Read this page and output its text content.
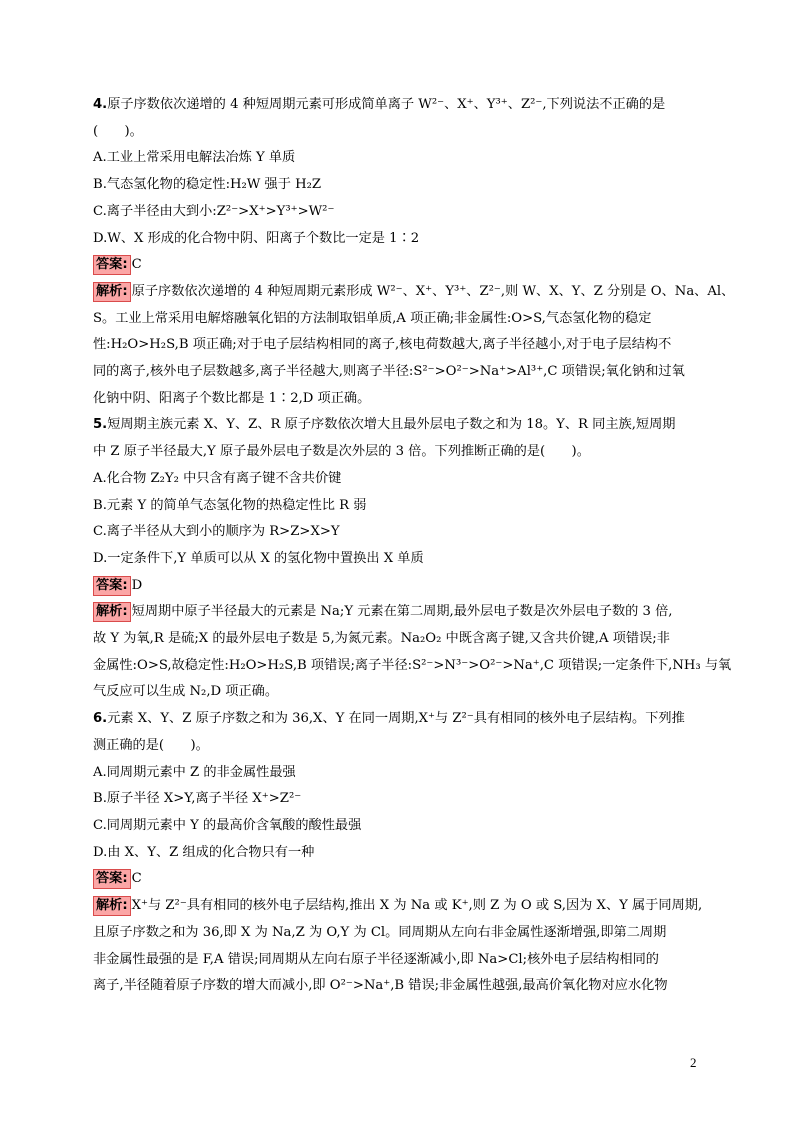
4.原子序数依次递增的 4 种短周期元素可形成简单离子 W²⁻、X⁺、Y³⁺、Z²⁻,下列说法不正确的是
(　　)。
A.工业上常采用电解法冶炼 Y 单质
B.气态氢化物的稳定性:H₂W 强于 H₂Z
C.离子半径由大到小:Z²⁻>X⁺>Y³⁺>W²⁻
D.W、X 形成的化合物中阴、阳离子个数比一定是 1∶2
答案: C
解析: 原子序数依次递增的 4 种短周期元素形成 W²⁻、X⁺、Y³⁺、Z²⁻,则 W、X、Y、Z 分别是 O、Na、Al、
S。工业上常采用电解熔融氧化铝的方法制取铝单质,A 项正确;非金属性:O>S,气态氢化物的稳定
性:H₂O>H₂S,B 项正确;对于电子层结构相同的离子,核电荷数越大,离子半径越小,对于电子层结构不
同的离子,核外电子层数越多,离子半径越大,则离子半径:S²⁻>O²⁻>Na⁺>Al³⁺,C 项错误;氧化钠和过氧
化钠中阴、阳离子个数比都是 1∶2,D 项正确。
5.短周期主族元素 X、Y、Z、R 原子序数依次增大且最外层电子数之和为 18。Y、R 同主族,短周期
中 Z 原子半径最大,Y 原子最外层电子数是次外层的 3 倍。下列推断正确的是(　　)。
A.化合物 Z₂Y₂ 中只含有离子键不含共价键
B.元素 Y 的简单气态氢化物的热稳定性比 R 弱
C.离子半径从大到小的顺序为 R>Z>X>Y
D.一定条件下,Y 单质可以从 X 的氢化物中置换出 X 单质
答案: D
解析: 短周期中原子半径最大的元素是 Na;Y 元素在第二周期,最外层电子数是次外层电子数的 3 倍,
故 Y 为氧,R 是硫;X 的最外层电子数是 5,为氮元素。Na₂O₂ 中既含离子键,又含共价键,A 项错误;非
金属性:O>S,故稳定性:H₂O>H₂S,B 项错误;离子半径:S²⁻>N³⁻>O²⁻>Na⁺,C 项错误;一定条件下,NH₃ 与氧
气反应可以生成 N₂,D 项正确。
6.元素 X、Y、Z 原子序数之和为 36,X、Y 在同一周期,X⁺与 Z²⁻具有相同的核外电子层结构。下列推
测正确的是(　　)。
A.同周期元素中 Z 的非金属性最强
B.原子半径 X>Y,离子半径 X⁺>Z²⁻
C.同周期元素中 Y 的最高价含氧酸的酸性最强
D.由 X、Y、Z 组成的化合物只有一种
答案: C
解析: X⁺与 Z²⁻具有相同的核外电子层结构,推出 X 为 Na 或 K⁺,则 Z 为 O 或 S,因为 X、Y 属于同周期,
且原子序数之和为 36,即 X 为 Na,Z 为 O,Y 为 Cl。同周期从左向右非金属性逐渐增强,即第二周期
非金属性最强的是 F,A 错误;同周期从左向右原子半径逐渐减小,即 Na>Cl;核外电子层结构相同的
离子,半径随着原子序数的增大而减小,即 O²⁻>Na⁺,B 错误;非金属性越强,最高价氧化物对应水化物
2
